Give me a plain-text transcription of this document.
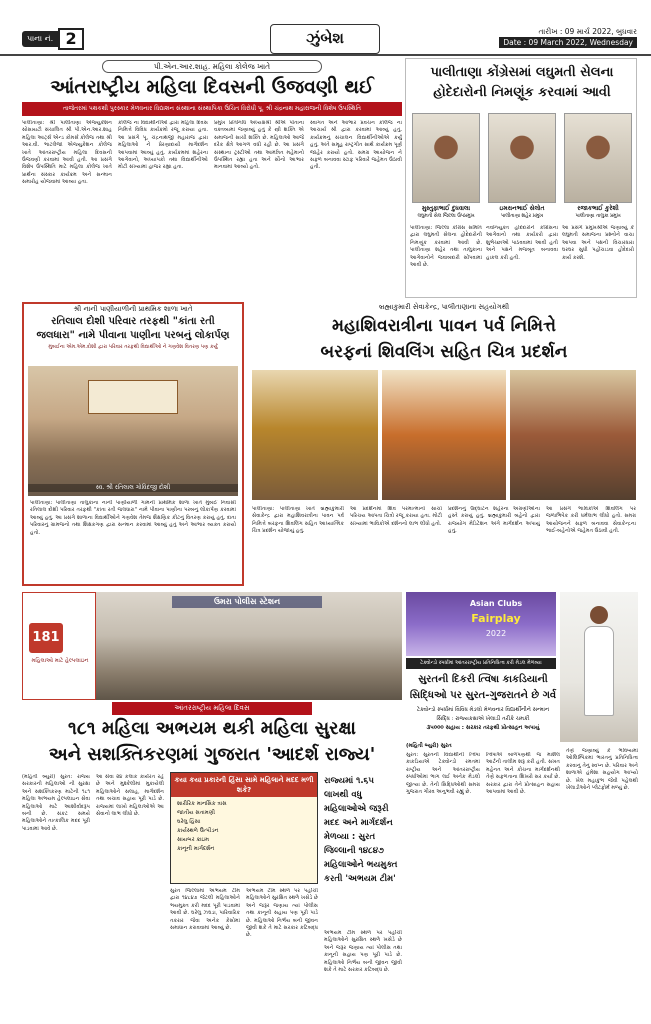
પાના નં. 2	ઝુંબેશ	તારીખ : 09 માર્ચ 2022, બુધવાર
Date : 09 March 2022, Wednesday
પી.એન.આર.શાહ. મહિલા કોલેજ ખાતે
આંતરાષ્ટ્રીય મહિલા દિવસની ઉજવણી થઈ
તાજેતરમાં પથકથી પુરસ્કાર મેળવનાર વિદ્યાશન સંસ્થાના સંસ્થાપિકા ઉચિત વિરોધી પૂ. શ્રી ચંદ્રનાથ મહારાજની વિશેષ ઉપસ્થિતિ
પાલીતાણા: શ્રી પાલીતાણા એજ્યુકેશન સોસાયટી સંચાલિત શ્રી પી.એન.આર.શાહ મહિલા આર્ટ્સ એન્ડ કોમર્સ કોલેજ તથા શ્રી આર.વી. ભાટલેજા એજ્યુકેશન કોલેજ ખાતે આંતરરાષ્ટ્રીય મહિલા દિવસની ઉજવણી કરવામાં આવી હતી. આ પ્રસંગે વિશેષ ઉપસ્થિતિ માટે મહિલા કોલેજ ખાતે પ્રાર્થના સંસ્કાર કાર્યક્રમ અને સન્માન સમારોહ યોજવામાં આવ્યા હતા.
કોલેજ ના વિદ્યાર્થીનીઓ દ્વારા મહિલા દિવસ નિમિત્તે વિવિધ કાર્યક્રમો રજૂ કરાયા હતા. આ પ્રસંગે પૂ. ચંદ્રનાથજી મહારાજ દ્વારા મહિલાઓ ને પ્રેરણાદાયી માર્ગદર્શન આપવામાં આવ્યું હતું. કાર્યક્રમમાં શહેરના આગેવાનો, અધ્યાપકો તથા વિદ્યાર્થીનીઓ મોટી સંખ્યામાં હાજર રહ્યા હતા.
પ્રમુખ પ્રતિનિધિ અધ્યક્ષશ્રી શ્રીએ પોતાના વક્તવ્યમાં જણાવ્યું હતું કે સ્ત્રી શક્તિ એ સમાજની સાચી શક્તિ છે. મહિલાઓ આજે દરેક ક્ષેત્રે આગળ વધી રહી છે. આ પ્રસંગે સંસ્થાના ટ્રસ્ટીઓ તથા આમંત્રિત મહેમાનો ઉપસ્થિત રહ્યા હતા અને સૌનો આભાર માનવામાં આવ્યો હતો.
સ્વાગત અને આભાર પ્રવચન કોલેજ ના આચાર્ય શ્રી દ્વારા કરવામાં આવ્યું હતું. કાર્યક્રમનું સંચાલન વિદ્યાર્થીનીઓએ કર્યું હતું. અંતે સમૂહ રાષ્ટ્રગીત સાથે કાર્યક્રમ પૂર્ણ જાહેર કરાયો હતો. સમગ્ર આયોજન ને સફળ બનાવવા સ્ટાફ પરિવારે જહેમત ઉઠાવી હતી.
પાલીતાણા કોંગ્રેસમાં લઘુમતી સેલના
હોદેદારોની નિમણૂંક કરવામાં આવી
મુસ્તુફાભાઈ દુધવાલા
લઘુમતી સેલ જિલ્લા ઉપપ્રમુખ
ઇમરાનભાઈ સેલોત
પાલીતાણા શહેર પ્રમુખ
રજાકભાઈ કુરેશી
પાલીતાણા તાલુકા પ્રમુખ
પાલીતાણા: જિલ્લા કોંગ્રેસ સમિતિ દ્વારા લઘુમતી સેલના હોદેદારોની નિમણૂંક કરવામાં આવી છે. પાલીતાણા શહેર તથા તાલુકાના આગેવાનોને જવાબદારી સોંપવામાં આવી છે.
નવનિયુક્ત હોદેદારોને કોંગ્રેસના આગેવાનો તથા કાર્યકરો દ્વારા શુભેચ્છાઓ પાઠવવામાં આવી હતી અને પક્ષને મજબૂત બનાવવા હાકલ કરી હતી.
આ પ્રસંગે પ્રમુખશ્રીએ જણાવ્યું કે લઘુમતી સમાજના પ્રશ્નોને વાચા આપવા અને પક્ષની વિચારધારા ઘરઘર સુધી પહોંચાડવા હોદેદારો કાર્ય કરશે.
શ્રી નાની પાણીયાળીની પ્રાથમિક શાળા ખાતે
રતિલાલ દોશી પરિવાર તરફથી "કાંતા રતી
જલધારા" નામે પીવાના પાણીના પરબનું લોકાર્પણ
મુંબઈના એમ.એમ.દોશી દ્વારા પરિવાર તરફથી વિદ્યાર્થીઓ ને ગણવેશ વિતરણ પણ કર્યું
સ્વ. શ્રી રતિલાલ ગોવિંદજી દોશી
પાલીતાણા: પાલીતાણા તાલુકાના નાની પાણીયાળી ગામની પ્રાથમિક શાળા ખાતે મુંબઈ નિવાસી રતિલાલ દોશી પરિવાર તરફથી "કાંતા રતી જલધારા" નામે પીવાના પાણીના પરબનું લોકાર્પણ કરવામાં આવ્યું હતું. આ પ્રસંગે શાળાના વિદ્યાર્થીઓને ગણવેશ તેમજ શૈક્ષણિક કીટનું વિતરણ કરાયું હતું. દાતા પરિવારનું ગ્રામજનો તથા શિક્ષકગણ દ્વારા સન્માન કરવામાં આવ્યું હતું અને આભાર વ્યક્ત કરાયો હતો.
બ્રહ્માકુમારી સેવાકેન્દ્ર, પાલીતાણાના સહયોગથી
મહાશિવરાત્રીના પાવન પર્વ નિમિત્તે
બરફનાં શિવલિંગ સહિત ચિત્ર પ્રદર્શન
પાલીતાણા: પાલીતાણા ખાતે બ્રહ્માકુમારી સેવાકેન્દ્ર દ્વારા મહાશિવરાત્રીના પાવન પર્વ નિમિત્તે બરફના શિવલિંગ સહિત આધ્યાત્મિક ચિત્ર પ્રદર્શન યોજાયું હતું.
આ પ્રદર્શનમાં શિવ પરમાત્માનો સાચો પરિચય આપતા ચિત્રો રજૂ કરાયા હતા. મોટી સંખ્યામાં ભાવિકોએ દર્શનનો લાભ લીધો હતો.
પ્રદર્શનનું ઉદ્ઘાટન શહેરના અગ્રણીઓના હસ્તે કરાયું હતું. બ્રહ્માકુમારી બહેનો દ્વારા રાજયોગ મેડિટેશન અંગે માર્ગદર્શન અપાયું હતું.
આ પ્રસંગે ભાવિકોએ શિવલિંગ પર જળાભિષેક કરી ધર્મલાભ લીધો હતો. સમગ્ર આયોજનને સફળ બનાવવા સેવાકેન્દ્રના ભાઈ-બહેનોએ જહેમત ઉઠાવી હતી.
181
મહિલાઓ માટે હેલ્પલાઇન
ઉમરા પોલીસ સ્ટેશન
આંતરરાષ્ટ્રીય મહિલા દિવસ
૧૮૧ મહિલા અભયમ થકી મહિલા સુરક્ષા
અને સશક્તિકરણમાં ગુજરાત 'આદર્શ રાજ્ય'
(મહિતી બ્યુરો) સુરત: રાજ્ય સરકારની મહિલાઓ ની સુરક્ષા અને સશક્તિકરણ માટેની ૧૮૧ મહિલા અભયમ હેલ્પલાઇન સેવા મહિલાઓ માટે આશીર્વાદરૂપ બની છે. સંકટ સમયે મહિલાઓને તાત્કાલિક મદદ પૂરી પાડવામાં આવે છે.
આ સેવા ૨૪ કલાક કાર્યરત રહે છે અને મુશ્કેલીમાં મુકાયેલી મહિલાઓને સલાહ, માર્ગદર્શન તથા બચાવ સહાય પૂરી પાડે છે. રાજ્યમાં લાખો મહિલાઓએ આ સેવાનો લાભ લીધો છે.
કયા કયા પ્રકારની હિંસા સામે મહિલાને મદદ મળી શકે?
શારીરિક માનસિક ત્રાસ
જાતીય સતામણી
ઘરેલુ હિંસા
કાર્યસ્થળે ઉત્પીડન
સાયબર ક્રાઇમ
કાનૂની માર્ગદર્શન
સુરત જિલ્લામાં અભયમ ટીમ દ્વારા ૧૪૮૪૭ જેટલી મહિલાઓને ભયમુક્ત કરી મદદ પૂરી પાડવામાં આવી છે. ઘરેલુ ઝઘડા, પારિવારિક તકરાર જેવા અનેક કેસોમાં સમાધાન કરાવવામાં આવ્યું છે.
અભયમ ટીમ સ્થળ પર પહોંચી મહિલાઓને સુરક્ષિત સ્થળે ખસેડે છે અને જરૂર જણાય ત્યાં પોલીસ તથા કાનૂની સહાય પણ પૂરી પાડે છે. મહિલાઓ નિર્ભય બની જીવન જીવી શકે તે માટે સરકાર કટિબદ્ધ છે.
રાજ્યમાં ૧.૬૫
લાખથી વધુ
મહિલાઓએ જરૂરી
મદદ અને માર્ગદર્શન
મેળવ્યા : સુરત
જિલ્લાની ૧૪૮૪૭
મહિલાઓને ભયમુક્ત
કરતી 'અભયમ ટીમ'
અભયમ ટીમ સ્થળ પર પહોંચી મહિલાઓને સુરક્ષિત સ્થળે ખસેડે છે અને જરૂર જણાય ત્યાં પોલીસ તથા કાનૂની સહાય પણ પૂરી પાડે છે. મહિલાઓ નિર્ભય બની જીવન જીવી શકે તે માટે સરકાર કટિબદ્ધ છે.
Asian Clubs
Fairplay
2022
ટેક્વોન્ડો સ્પર્ધામાં આંતરરાષ્ટ્રીય પ્રતિનિધિત્વ કરી મેડલ મેળવ્યા
સુરતની દિકરી ત્વિષા કાકડિયાની
સિદ્ધિઓ પર સુરત-ગુજરાતને છે ગર્વ
ટેક્વોન્ડો સ્પર્ધામાં વિવિધ મેડલો મેળવનાર વિદ્યાર્થીનીને સન્માન
સિદ્ધિ : રાજ્યકક્ષાએ ખેલાડી તરીકે ચમકી
૩૫૦૦૦ સહાય : સરકાર તરફથી પ્રોત્સાહન અપાયું
(મહિતી બ્યુરો) સુરત
સુરત: સુરતની વિદ્યાર્થીની ત્વિષા કાકડિયાએ ટેક્વોન્ડો રમતમાં રાષ્ટ્રીય અને આંતરરાષ્ટ્રીય સ્પર્ધાઓમાં ભાગ લઈ અનેક મેડલો જીત્યા છે. તેની સિદ્ધિઓથી સમગ્ર ગુજરાત ગૌરવ અનુભવી રહ્યું છે.
ત્વિષાએ બાળપણથી જ માર્શલ આર્ટની તાલીમ શરૂ કરી હતી. સખત મહેનત અને કોચના માર્ગદર્શનથી તેણે સફળતાના શિખરો સર કર્યા છે. સરકાર દ્વારા તેને પ્રોત્સાહન સહાય આપવામાં આવી છે.
તેણે જણાવ્યું કે ભવિષ્યમાં ઓલિમ્પિકમાં ભારતનું પ્રતિનિધિત્વ કરવાનું તેનું સ્વપ્ન છે. પરિવાર અને શાળાએ હંમેશા સહયોગ આપ્યો છે. ખેલ મહાકુંભ જેવી પહેલથી ખેલાડીઓને પ્લેટફોર્મ મળ્યું છે.
